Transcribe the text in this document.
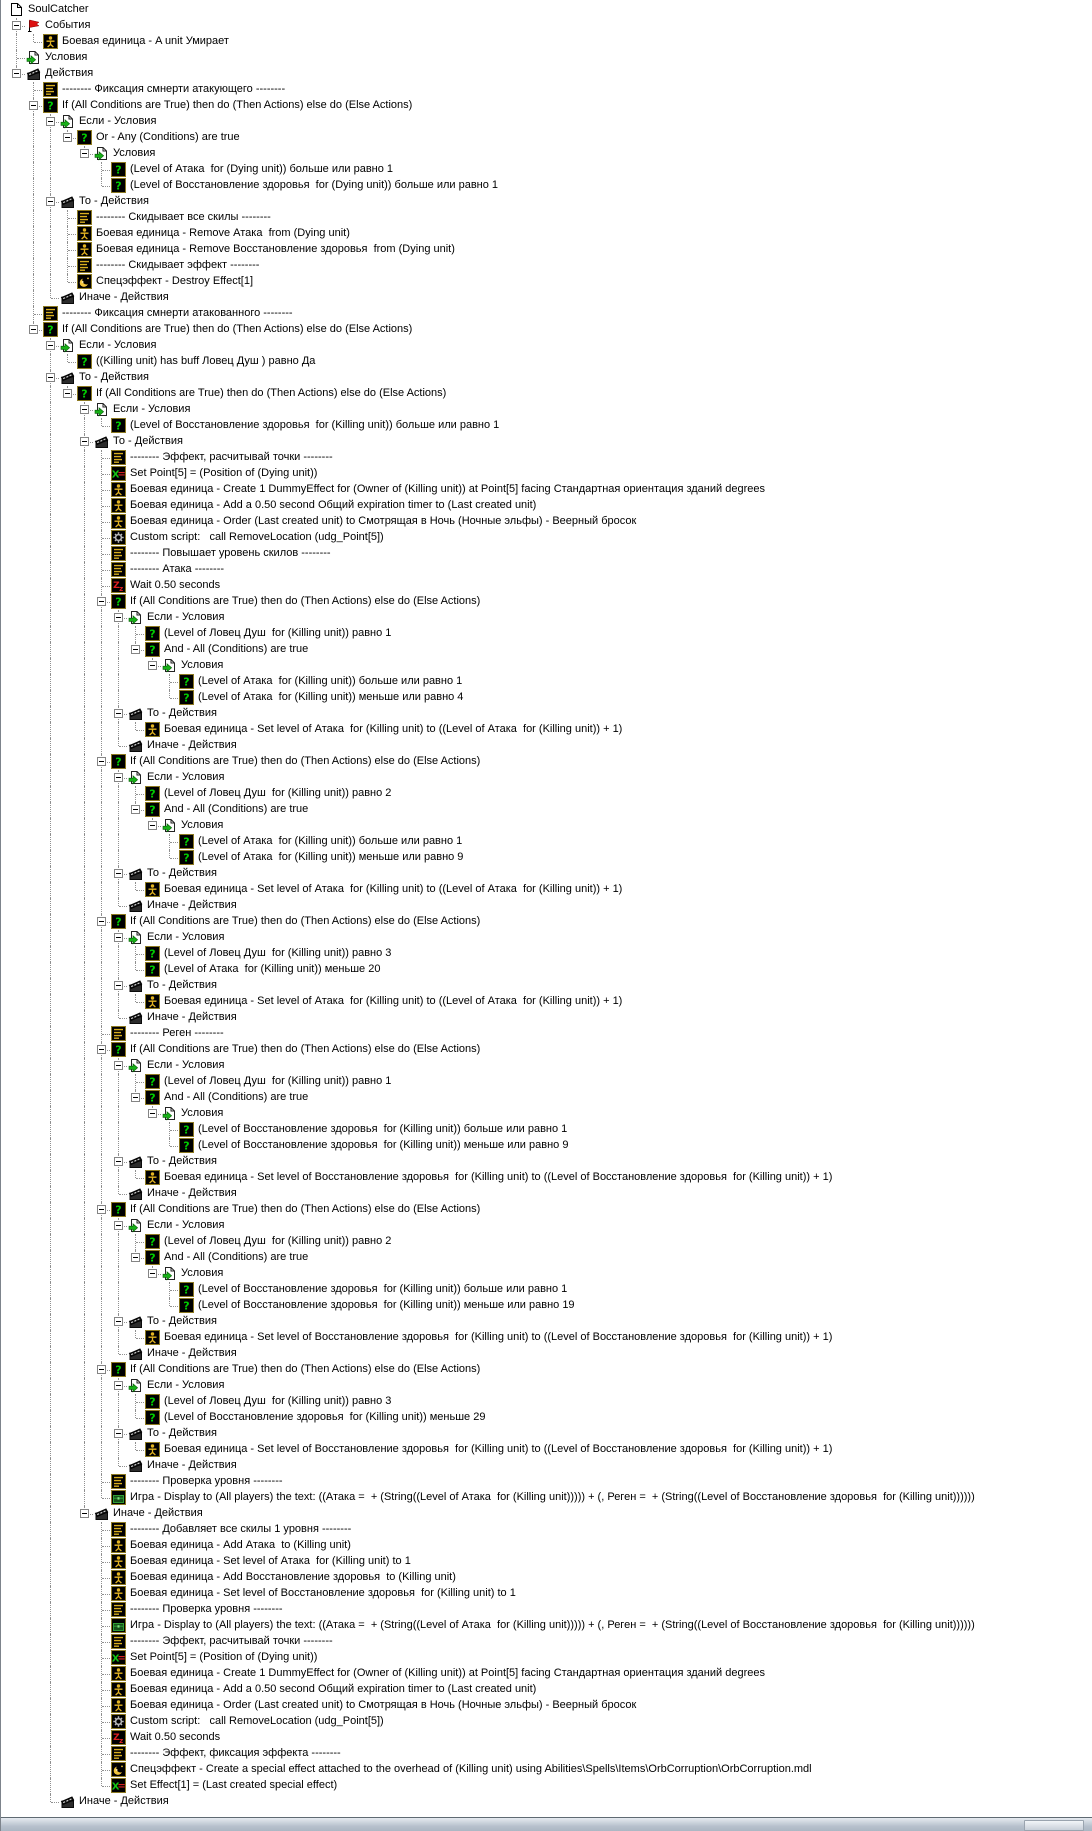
SoulCatcher
События
Боевая единица - A unit Умирает
Условия
Действия
-------- Фиксация смнерти атакующего --------
? If (All Conditions are True) then do (Then Actions) else do (Else Actions)
Если - Условия
? Or - Any (Conditions) are true
Условия
? (Level of Атака  for (Dying unit)) больше или равно 1
? (Level of Восстановление здоровья  for (Dying unit)) больше или равно 1
То - Действия
-------- Скидывает все скилы --------
Боевая единица - Remove Атака  from (Dying unit)
Боевая единица - Remove Восстановление здоровья  from (Dying unit)
-------- Скидывает эффект --------
Спецэффект - Destroy Effect[1]
Иначе - Действия
-------- Фиксация смнерти атакованного --------
? If (All Conditions are True) then do (Then Actions) else do (Else Actions)
Если - Условия
? ((Killing unit) has buff Ловец Душ ) равно Да
То - Действия
? If (All Conditions are True) then do (Then Actions) else do (Else Actions)
Если - Условия
? (Level of Восстановление здоровья  for (Killing unit)) больше или равно 1
То - Действия
-------- Эффект, расчитывай точки --------
X
= Set Point[5] = (Position of (Dying unit))
Боевая единица - Create 1 DummyEffect for (Owner of (Killing unit)) at Point[5] facing Стандартная ориентация зданий degrees
Боевая единица - Add a 0.50 second Общий expiration timer to (Last created unit)
Боевая единица - Order (Last created unit) to Смотрящая в Ночь (Ночные эльфы) - Веерный бросок
Custom script:   call RemoveLocation (udg_Point[5])
-------- Повышает уровень скилов --------
-------- Атака --------
Z z Wait 0.50 seconds
? If (All Conditions are True) then do (Then Actions) else do (Else Actions)
Если - Условия
? (Level of Ловец Душ  for (Killing unit)) равно 1
? And - All (Conditions) are true
Условия
? (Level of Атака  for (Killing unit)) больше или равно 1
? (Level of Атака  for (Killing unit)) меньше или равно 4
То - Действия
Боевая единица - Set level of Атака  for (Killing unit) to ((Level of Атака  for (Killing unit)) + 1)
Иначе - Действия
? If (All Conditions are True) then do (Then Actions) else do (Else Actions)
Если - Условия
? (Level of Ловец Душ  for (Killing unit)) равно 2
? And - All (Conditions) are true
Условия
? (Level of Атака  for (Killing unit)) больше или равно 1
? (Level of Атака  for (Killing unit)) меньше или равно 9
То - Действия
Боевая единица - Set level of Атака  for (Killing unit) to ((Level of Атака  for (Killing unit)) + 1)
Иначе - Действия
? If (All Conditions are True) then do (Then Actions) else do (Else Actions)
Если - Условия
? (Level of Ловец Душ  for (Killing unit)) равно 3
? (Level of Атака  for (Killing unit)) меньше 20
То - Действия
Боевая единица - Set level of Атака  for (Killing unit) to ((Level of Атака  for (Killing unit)) + 1)
Иначе - Действия
-------- Реген --------
? If (All Conditions are True) then do (Then Actions) else do (Else Actions)
Если - Условия
? (Level of Ловец Душ  for (Killing unit)) равно 1
? And - All (Conditions) are true
Условия
? (Level of Восстановление здоровья  for (Killing unit)) больше или равно 1
? (Level of Восстановление здоровья  for (Killing unit)) меньше или равно 9
То - Действия
Боевая единица - Set level of Восстановление здоровья  for (Killing unit) to ((Level of Восстановление здоровья  for (Killing unit)) + 1)
Иначе - Действия
? If (All Conditions are True) then do (Then Actions) else do (Else Actions)
Если - Условия
? (Level of Ловец Душ  for (Killing unit)) равно 2
? And - All (Conditions) are true
Условия
? (Level of Восстановление здоровья  for (Killing unit)) больше или равно 1
? (Level of Восстановление здоровья  for (Killing unit)) меньше или равно 19
То - Действия
Боевая единица - Set level of Восстановление здоровья  for (Killing unit) to ((Level of Восстановление здоровья  for (Killing unit)) + 1)
Иначе - Действия
? If (All Conditions are True) then do (Then Actions) else do (Else Actions)
Если - Условия
? (Level of Ловец Душ  for (Killing unit)) равно 3
? (Level of Восстановление здоровья  for (Killing unit)) меньше 29
То - Действия
Боевая единица - Set level of Восстановление здоровья  for (Killing unit) to ((Level of Восстановление здоровья  for (Killing unit)) + 1)
Иначе - Действия
-------- Проверка уровня --------
Игра - Display to (All players) the text: ((Атака =  + (String((Level of Атака  for (Killing unit))))) + (, Реген =  + (String((Level of Восстановление здоровья  for (Killing unit))))))
Иначе - Действия
-------- Добавляет все скилы 1 уровня --------
Боевая единица - Add Атака  to (Killing unit)
Боевая единица - Set level of Атака  for (Killing unit) to 1
Боевая единица - Add Восстановление здоровья  to (Killing unit)
Боевая единица - Set level of Восстановление здоровья  for (Killing unit) to 1
-------- Проверка уровня --------
Игра - Display to (All players) the text: ((Атака =  + (String((Level of Атака  for (Killing unit))))) + (, Реген =  + (String((Level of Восстановление здоровья  for (Killing unit))))))
-------- Эффект, расчитывай точки --------
X
= Set Point[5] = (Position of (Dying unit))
Боевая единица - Create 1 DummyEffect for (Owner of (Killing unit)) at Point[5] facing Стандартная ориентация зданий degrees
Боевая единица - Add a 0.50 second Общий expiration timer to (Last created unit)
Боевая единица - Order (Last created unit) to Смотрящая в Ночь (Ночные эльфы) - Веерный бросок
Custom script:   call RemoveLocation (udg_Point[5])
Z z Wait 0.50 seconds
-------- Эффект, фиксация эффекта --------
Спецэффект - Create a special effect attached to the overhead of (Killing unit) using Abilities\Spells\Items\OrbCorruption\OrbCorruption.mdl
X
= Set Effect[1] = (Last created special effect)
Иначе - Действия
